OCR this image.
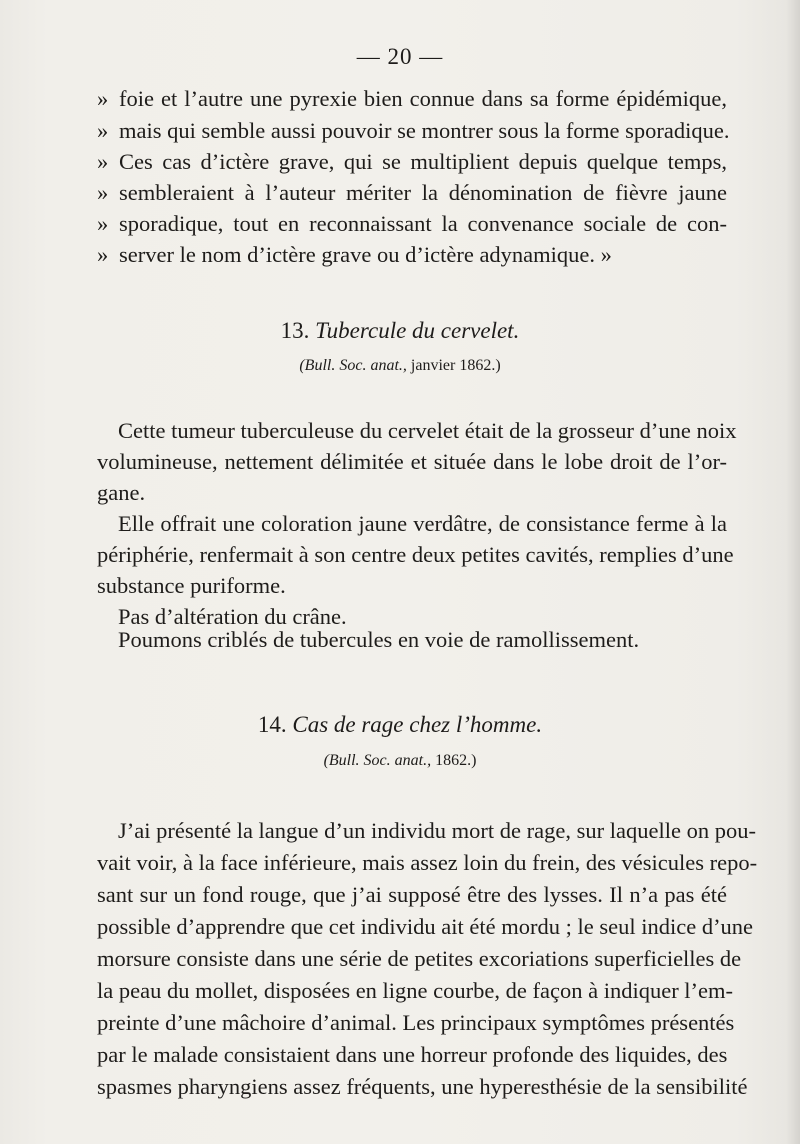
— 20 —
» foie et l’autre une pyrexie bien connue dans sa forme épidémique,
» mais qui semble aussi pouvoir se montrer sous la forme sporadique.
» Ces cas d’ictère grave, qui se multiplient depuis quelque temps,
» sembleraient à l’auteur mériter la dénomination de fièvre jaune
» sporadique, tout en reconnaissant la convenance sociale de con-
» server le nom d’ictère grave ou d’ictère adynamique. »
13. Tubercule du cervelet.
(Bull. Soc. anat., janvier 1862.)
Cette tumeur tuberculeuse du cervelet était de la grosseur d’une noix
volumineuse, nettement délimitée et située dans le lobe droit de l’or-
gane.
Elle offrait une coloration jaune verdâtre, de consistance ferme à la
périphérie, renfermait à son centre deux petites cavités, remplies d’une
substance puriforme.
Pas d’altération du crâne.
Poumons criblés de tubercules en voie de ramollissement.
14. Cas de rage chez l’homme.
(Bull. Soc. anat., 1862.)
J’ai présenté la langue d’un individu mort de rage, sur laquelle on pou-
vait voir, à la face inférieure, mais assez loin du frein, des vésicules repo-
sant sur un fond rouge, que j’ai supposé être des lysses. Il n’a pas été
possible d’apprendre que cet individu ait été mordu ; le seul indice d’une
morsure consiste dans une série de petites excoriations superficielles de
la peau du mollet, disposées en ligne courbe, de façon à indiquer l’em-
preinte d’une mâchoire d’animal. Les principaux symptômes présentés
par le malade consistaient dans une horreur profonde des liquides, des
spasmes pharyngiens assez fréquents, une hyperesthésie de la sensibilité
